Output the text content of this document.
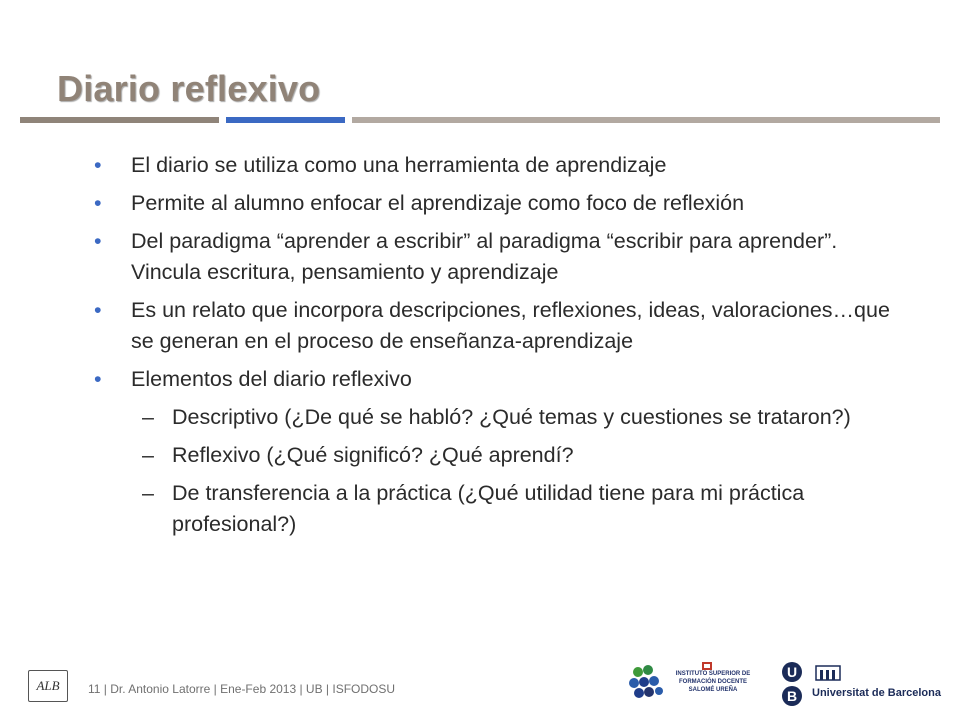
Diario reflexivo
• El diario se utiliza como una herramienta de aprendizaje
• Permite al alumno enfocar el aprendizaje como foco de reflexión
• Del paradigma “aprender a escribir” al paradigma “escribir para aprender”. Vincula escritura, pensamiento y aprendizaje
• Es un relato que incorpora descripciones, reflexiones, ideas, valoraciones…que se generan en el proceso de enseñanza-aprendizaje
• Elementos del diario reflexivo
– Descriptivo (¿De qué se habló? ¿Qué temas y cuestiones se trataron?)
– Reflexivo (¿Qué significó? ¿Qué aprendí?
– De transferencia a la práctica (¿Qué utilidad tiene para mi práctica profesional?)
ALB 11 | Dr. Antonio Latorre | Ene-Feb 2013 | UB | ISFODOSU
INSTITUTO SUPERIOR DE FORMACIÓN DOCENTE SALOMÉ UREÑA
U
B Universitat de Barcelona
